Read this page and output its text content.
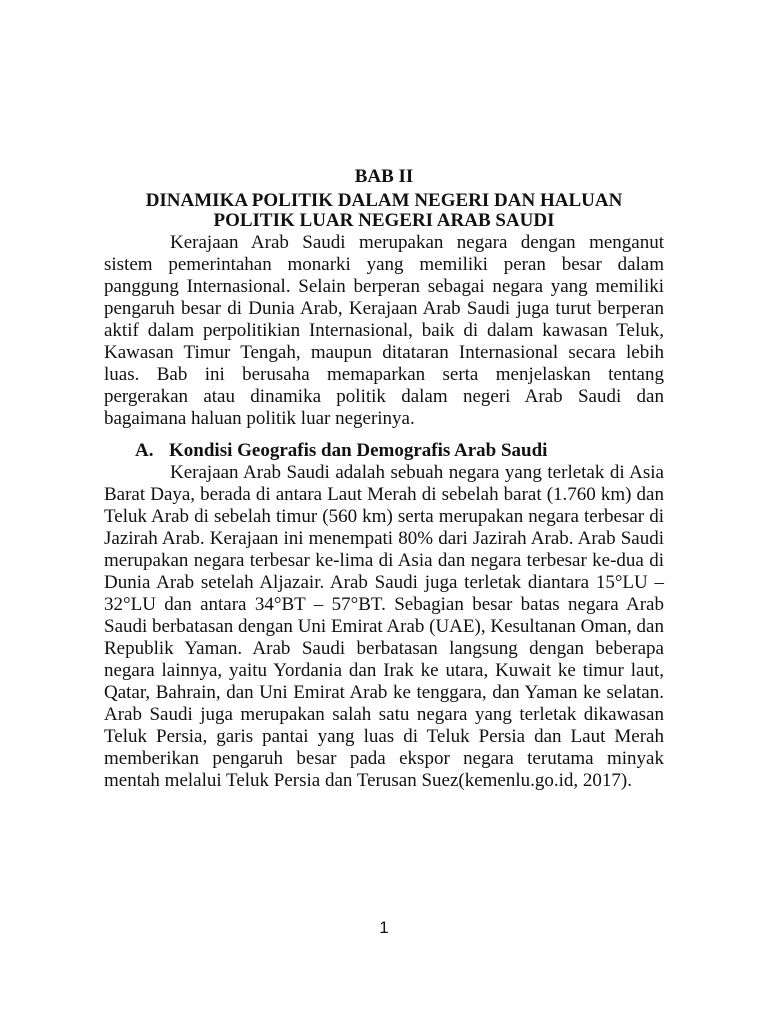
BAB II
DINAMIKA POLITIK DALAM NEGERI DAN HALUAN
POLITIK LUAR NEGERI ARAB SAUDI

Kerajaan Arab Saudi merupakan negara dengan menganut sistem pemerintahan monarki yang memiliki peran besar dalam panggung Internasional. Selain berperan sebagai negara yang memiliki pengaruh besar di Dunia Arab, Kerajaan Arab Saudi juga turut berperan aktif dalam perpolitikian Internasional, baik di dalam kawasan Teluk, Kawasan Timur Tengah, maupun ditataran Internasional secara lebih luas. Bab ini berusaha memaparkan serta menjelaskan tentang pergerakan atau dinamika politik dalam negeri Arab Saudi dan bagaimana haluan politik luar negerinya.

A. Kondisi Geografis dan Demografis Arab Saudi

Kerajaan Arab Saudi adalah sebuah negara yang terletak di Asia Barat Daya, berada di antara Laut Merah di sebelah barat (1.760 km) dan Teluk Arab di sebelah timur (560 km) serta merupakan negara terbesar di Jazirah Arab. Kerajaan ini menempati 80% dari Jazirah Arab. Arab Saudi merupakan negara terbesar ke-lima di Asia dan negara terbesar ke-dua di Dunia Arab setelah Aljazair. Arab Saudi juga terletak diantara 15°LU – 32°LU dan antara 34°BT – 57°BT. Sebagian besar batas negara Arab Saudi berbatasan dengan Uni Emirat Arab (UAE), Kesultanan Oman, dan Republik Yaman. Arab Saudi berbatasan langsung dengan beberapa negara lainnya, yaitu Yordania dan Irak ke utara, Kuwait ke timur laut, Qatar, Bahrain, dan Uni Emirat Arab ke tenggara, dan Yaman ke selatan. Arab Saudi juga merupakan salah satu negara yang terletak dikawasan Teluk Persia, garis pantai yang luas di Teluk Persia dan Laut Merah memberikan pengaruh besar pada ekspor negara terutama minyak mentah melalui Teluk Persia dan Terusan Suez(kemenlu.go.id, 2017).

1
